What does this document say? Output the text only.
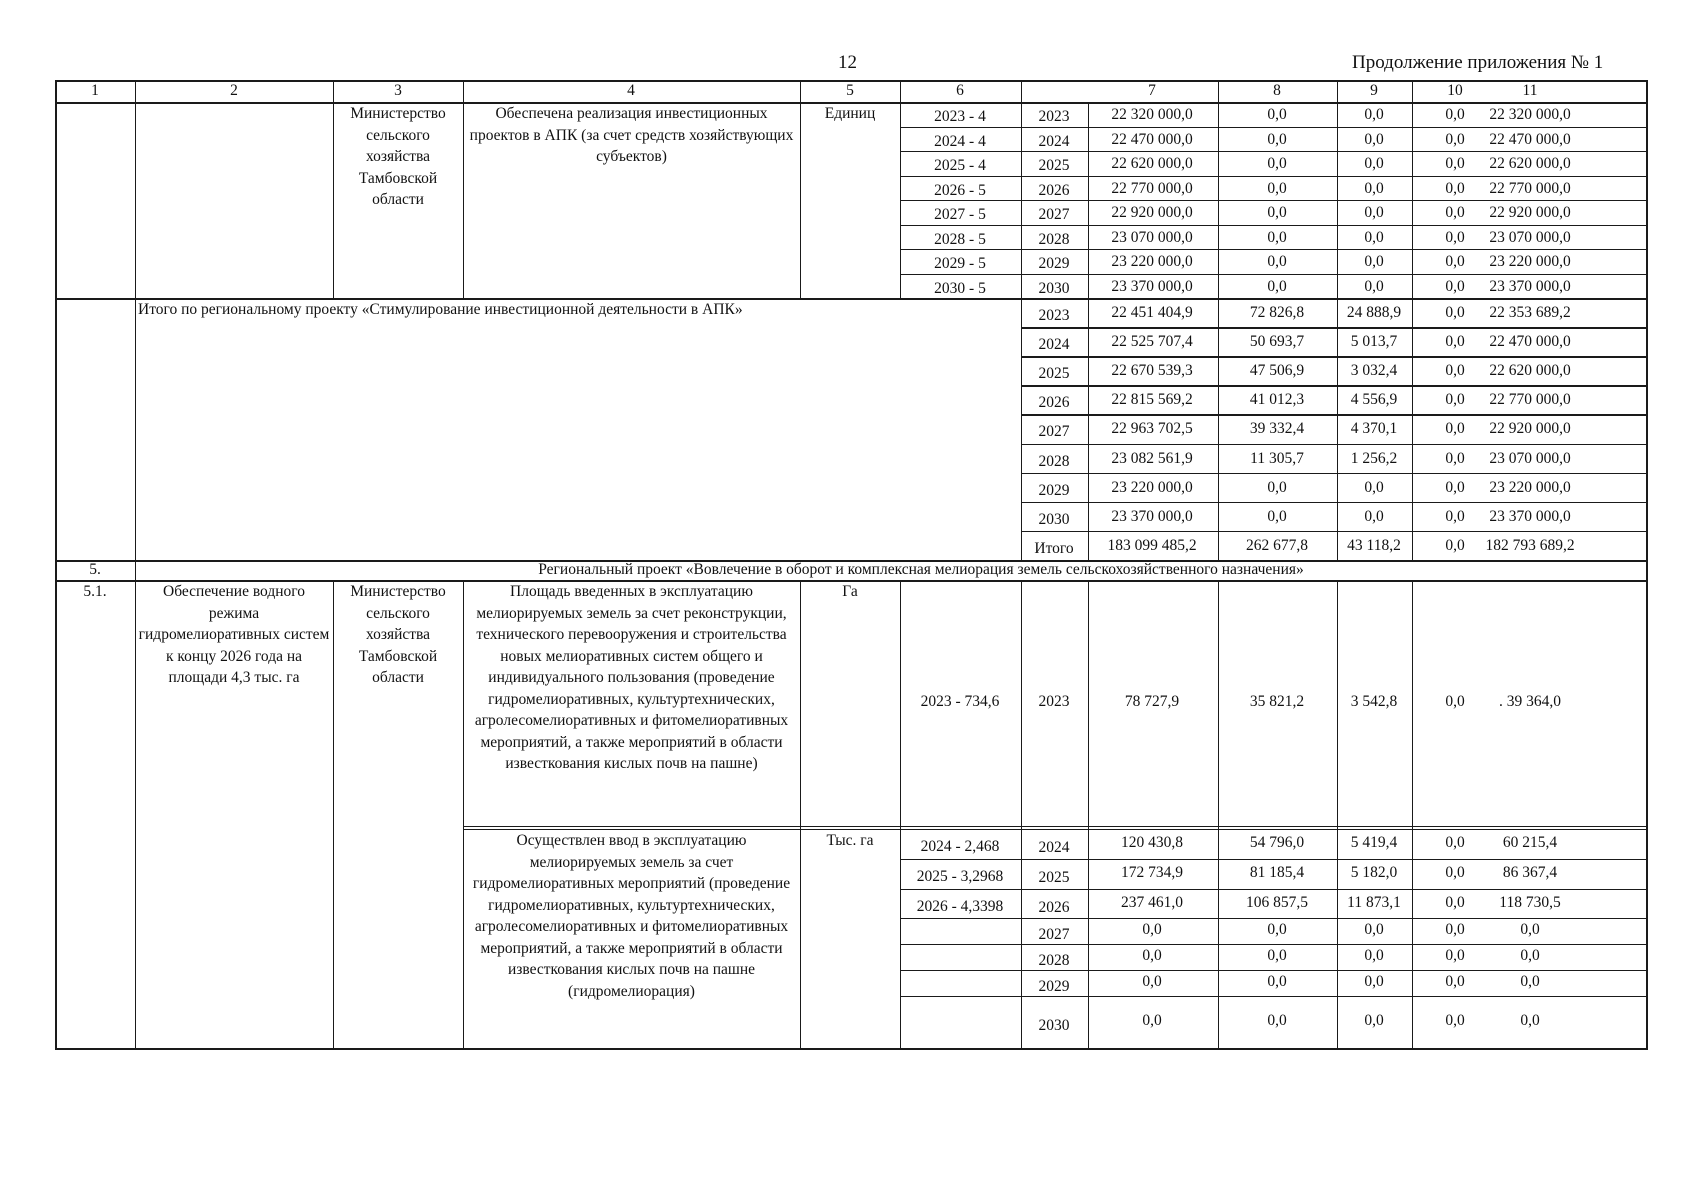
12	Продолжение приложения № 1
1	2	3	4	5	6	7	8	9	10	11
Министерство сельского хозяйства Тамбовской области
Обеспечена реализация инвестиционных проектов в АПК (за счет средств хозяйствующих субъектов)
Единиц	2023 - 4	2023	22 320 000,0	0,0	0,0	0,0 22 320 000,0
2024 - 4	2024	22 470 000,0	0,0	0,0	0,0 22 470 000,0
2025 - 4	2025	22 620 000,0	0,0	0,0	0,0 22 620 000,0
2026 - 5	2026	22 770 000,0	0,0	0,0	0,0 22 770 000,0
2027 - 5	2027	22 920 000,0	0,0	0,0	0,0 22 920 000,0
2028 - 5	2028	23 070 000,0	0,0	0,0	0,0 23 070 000,0
2029 - 5	2029	23 220 000,0	0,0	0,0	0,0 23 220 000,0
2030 - 5	2030	23 370 000,0	0,0	0,0	0,0 23 370 000,0
Итого по региональному проекту «Стимулирование инвестиционной деятельности в АПК»	2023	22 451 404,9	72 826,8	24 888,9	0,0 22 353 689,2
2024	22 525 707,4	50 693,7	5 013,7	0,0 22 470 000,0
2025	22 670 539,3	47 506,9	3 032,4	0,0 22 620 000,0
2026	22 815 569,2	41 012,3	4 556,9	0,0 22 770 000,0
2027	22 963 702,5	39 332,4	4 370,1	0,0 22 920 000,0
2028	23 082 561,9	11 305,7	1 256,2	0,0 23 070 000,0
2029	23 220 000,0	0,0	0,0	0,0 23 220 000,0
2030	23 370 000,0	0,0	0,0	0,0 23 370 000,0
Итого 183 099 485,2	262 677,8	43 118,2	0,0 182 793 689,2
5.	Региональный проект «Вовлечение в оборот и комплексная мелиорация земель сельскохозяйственного назначения»
5.1.	Обеспечение водного режима гидромелиоративных систем к концу 2026 года на площади 4,3 тыс. га
Министерство сельского хозяйства Тамбовской области
Площадь введенных в эксплуатацию мелиорируемых земель за счет реконструкции, технического перевооружения и строительства новых мелиоративных систем общего и индивидуального пользования (проведение гидромелиоративных, культуртехнических, агролесомелиоративных и фитомелиоративных мероприятий, а также мероприятий в области известкования кислых почв на пашне)
Га
2023 - 734,6	2023	78 727,9	35 821,2	3 542,8	0,0 . 39 364,0
Осуществлен ввод в эксплуатацию мелиорируемых земель за счет гидромелиоративных мероприятий (проведение гидромелиоративных, культуртехнических, агролесомелиоративных и фитомелиоративных мероприятий, а также мероприятий в области известкования кислых почв на пашне (гидромелиорация)
Тыс. га	2024 - 2,468	2024	120 430,8	54 796,0	5 419,4	0,0 60 215,4
2025 - 3,2968 2025	172 734,9	81 185,4	5 182,0	0,0 86 367,4
2026 - 4,3398 2026	237 461,0	106 857,5	11 873,1	0,0 118 730,5
2027	0,0	0,0	0,0	0,0	0,0
2028	0,0	0,0	0,0	0,0	0,0
2029	0,0	0,0	0,0	0,0	0,0
2030	0,0	0,0	0,0	0,0	0,0
